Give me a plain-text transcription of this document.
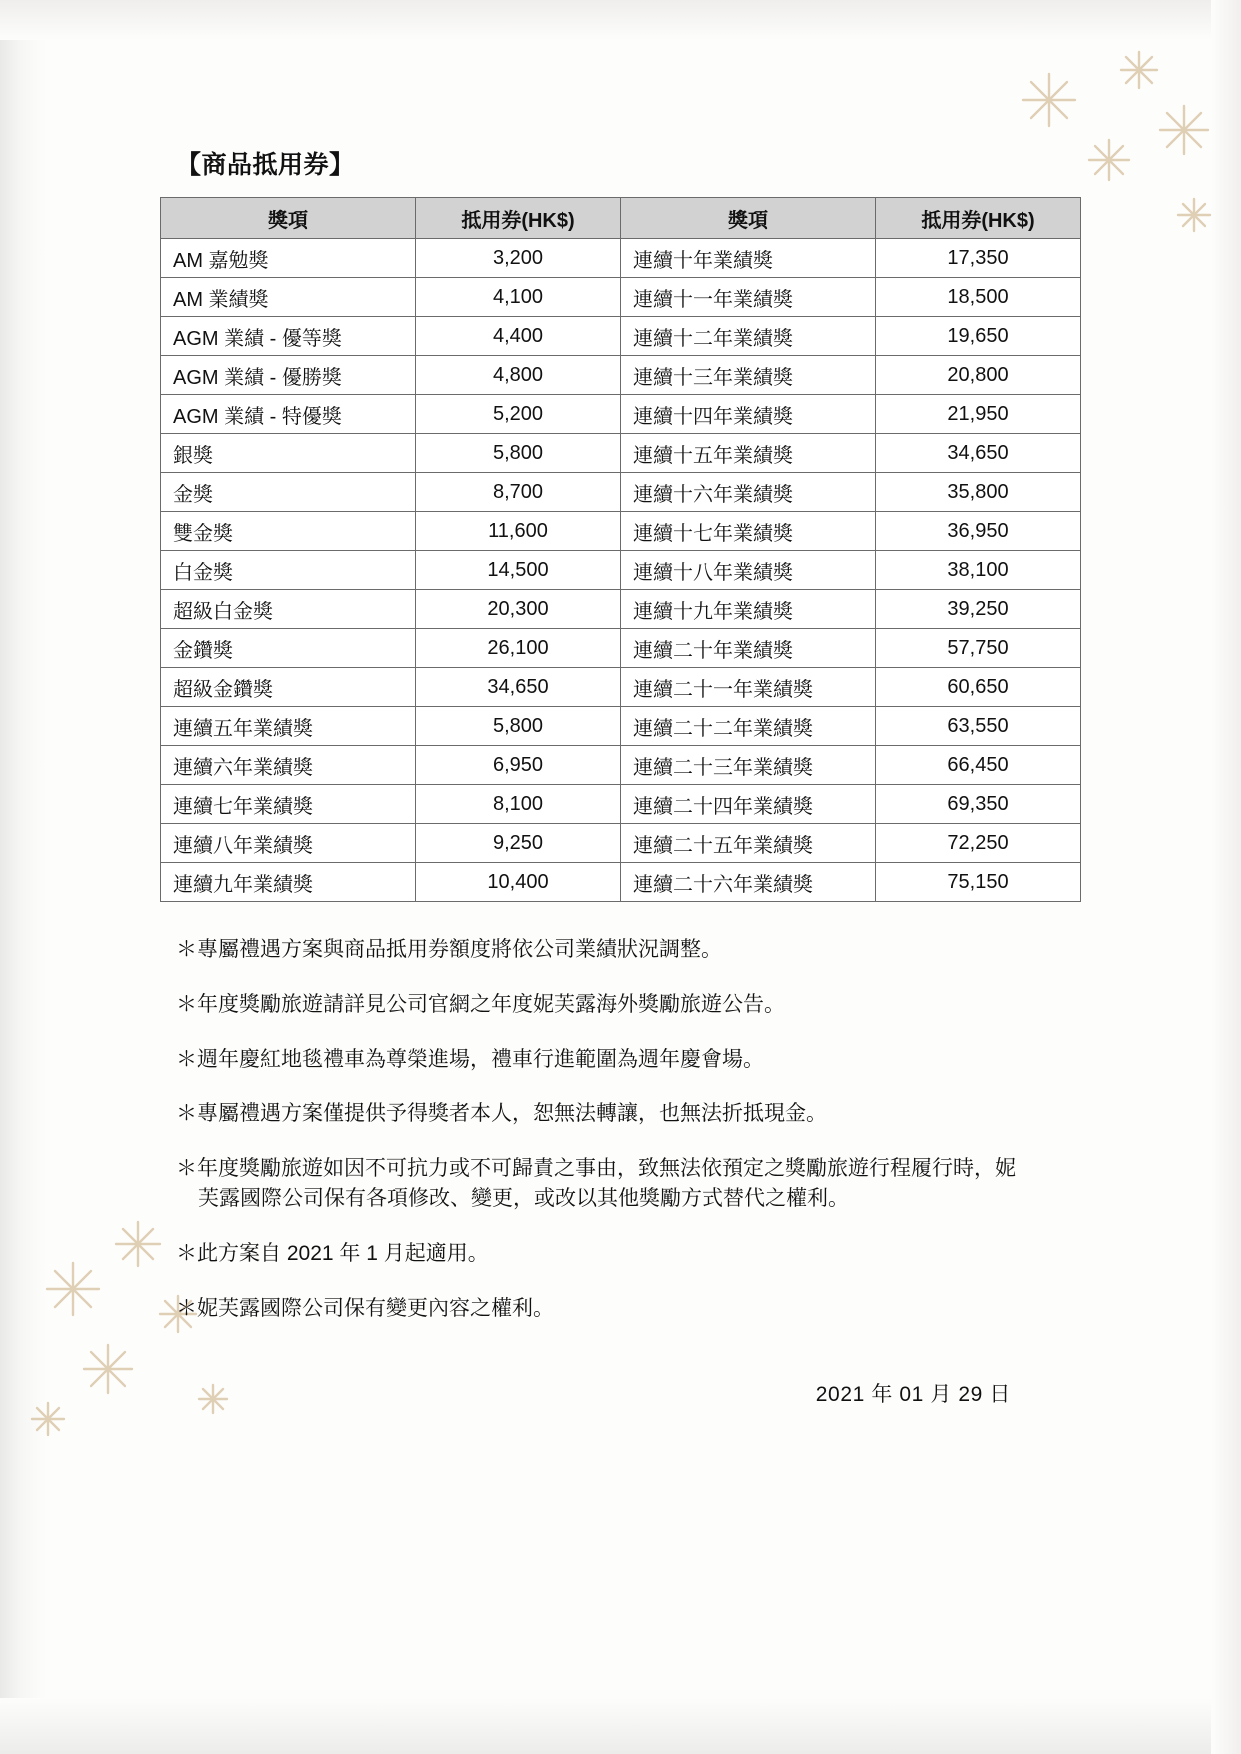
【商品抵用券】
獎項	抵用券(HK$)	獎項	抵用券(HK$)
AM 嘉勉獎	3,200	連續十年業績獎	17,350
AM 業績獎	4,100	連續十一年業績獎	18,500
AGM 業績 - 優等獎	4,400	連續十二年業績獎	19,650
AGM 業績 - 優勝獎	4,800	連續十三年業績獎	20,800
AGM 業績 - 特優獎	5,200	連續十四年業績獎	21,950
銀獎	5,800	連續十五年業績獎	34,650
金獎	8,700	連續十六年業績獎	35,800
雙金獎	11,600	連續十七年業績獎	36,950
白金獎	14,500	連續十八年業績獎	38,100
超級白金獎	20,300	連續十九年業績獎	39,250
金鑽獎	26,100	連續二十年業績獎	57,750
超級金鑽獎	34,650	連續二十一年業績獎	60,650
連續五年業績獎	5,800	連續二十二年業績獎	63,550
連續六年業績獎	6,950	連續二十三年業績獎	66,450
連續七年業績獎	8,100	連續二十四年業績獎	69,350
連續八年業績獎	9,250	連續二十五年業績獎	72,250
連續九年業績獎	10,400	連續二十六年業績獎	75,150
＊專屬禮遇方案與商品抵用券額度將依公司業績狀況調整。
＊年度獎勵旅遊請詳見公司官網之年度妮芙露海外獎勵旅遊公告。
＊週年慶紅地毯禮車為尊榮進場，禮車行進範圍為週年慶會場。
＊專屬禮遇方案僅提供予得獎者本人，恕無法轉讓，也無法折抵現金。
＊年度獎勵旅遊如因不可抗力或不可歸責之事由，致無法依預定之獎勵旅遊行程履行時，妮芙露國際公司保有各項修改、變更，或改以其他獎勵方式替代之權利。
＊此方案自 2021 年 1 月起適用。
＊妮芙露國際公司保有變更內容之權利。
2021 年 01 月 29 日
